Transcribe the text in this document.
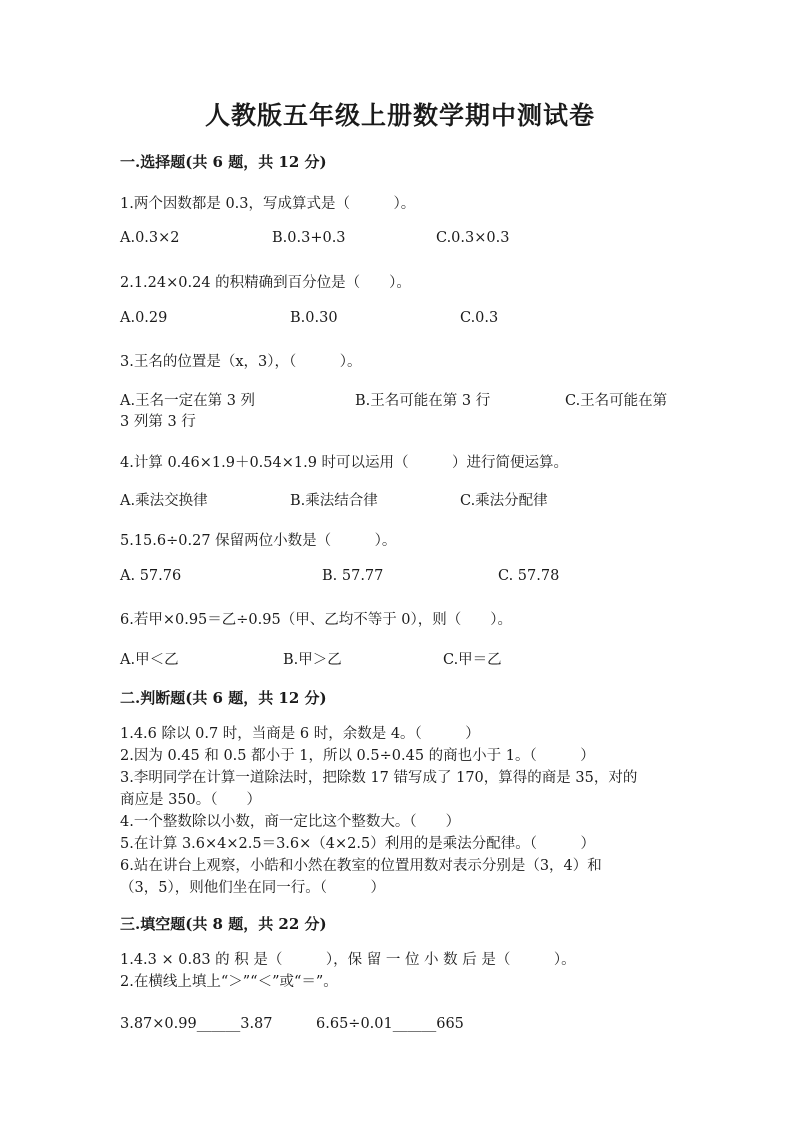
人教版五年级上册数学期中测试卷
一.选择题(共 6 题，共 12 分)
1.两个因数都是 0.3，写成算式是（　　　）。
A.0.3×2	B.0.3+0.3	C.0.3×0.3
2.1.24×0.24 的积精确到百分位是（　　）。
A.0.29	B.0.30	C.0.3
3.王名的位置是（x，3），（　　　）。
A.王名一定在第 3 列	B.王名可能在第 3 行	C.王名可能在第
3 列第 3 行
4.计算 0.46×1.9＋0.54×1.9 时可以运用（　　　）进行简便运算。
A.乘法交换律	B.乘法结合律	C.乘法分配律
5.15.6÷0.27 保留两位小数是（　　　）。
A. 57.76	B. 57.77	C. 57.78
6.若甲×0.95＝乙÷0.95（甲、乙均不等于 0），则（　　）。
A.甲＜乙	B.甲＞乙	C.甲＝乙
二.判断题(共 6 题，共 12 分)
1.4.6 除以 0.7 时，当商是 6 时，余数是 4。（　　　）
2.因为 0.45 和 0.5 都小于 1，所以 0.5÷0.45 的商也小于 1。（　　　）
3.李明同学在计算一道除法时，把除数 17 错写成了 170，算得的商是 35，对的
商应是 350。（　　）
4.一个整数除以小数，商一定比这个整数大。（　　）
5.在计算 3.6×4×2.5＝3.6×（4×2.5）利用的是乘法分配律。（　　　）
6.站在讲台上观察，小皓和小然在教室的位置用数对表示分别是（3，4）和
（3，5），则他们坐在同一行。（　　　）
三.填空题(共 8 题，共 22 分)
1.4.3 × 0.83 的 积 是（　　　），保 留 一 位 小 数 后 是（　　　）。
2.在横线上填上“＞”“＜”或“＝”。
3.87×0.99______3.87　　　6.65÷0.01______665
